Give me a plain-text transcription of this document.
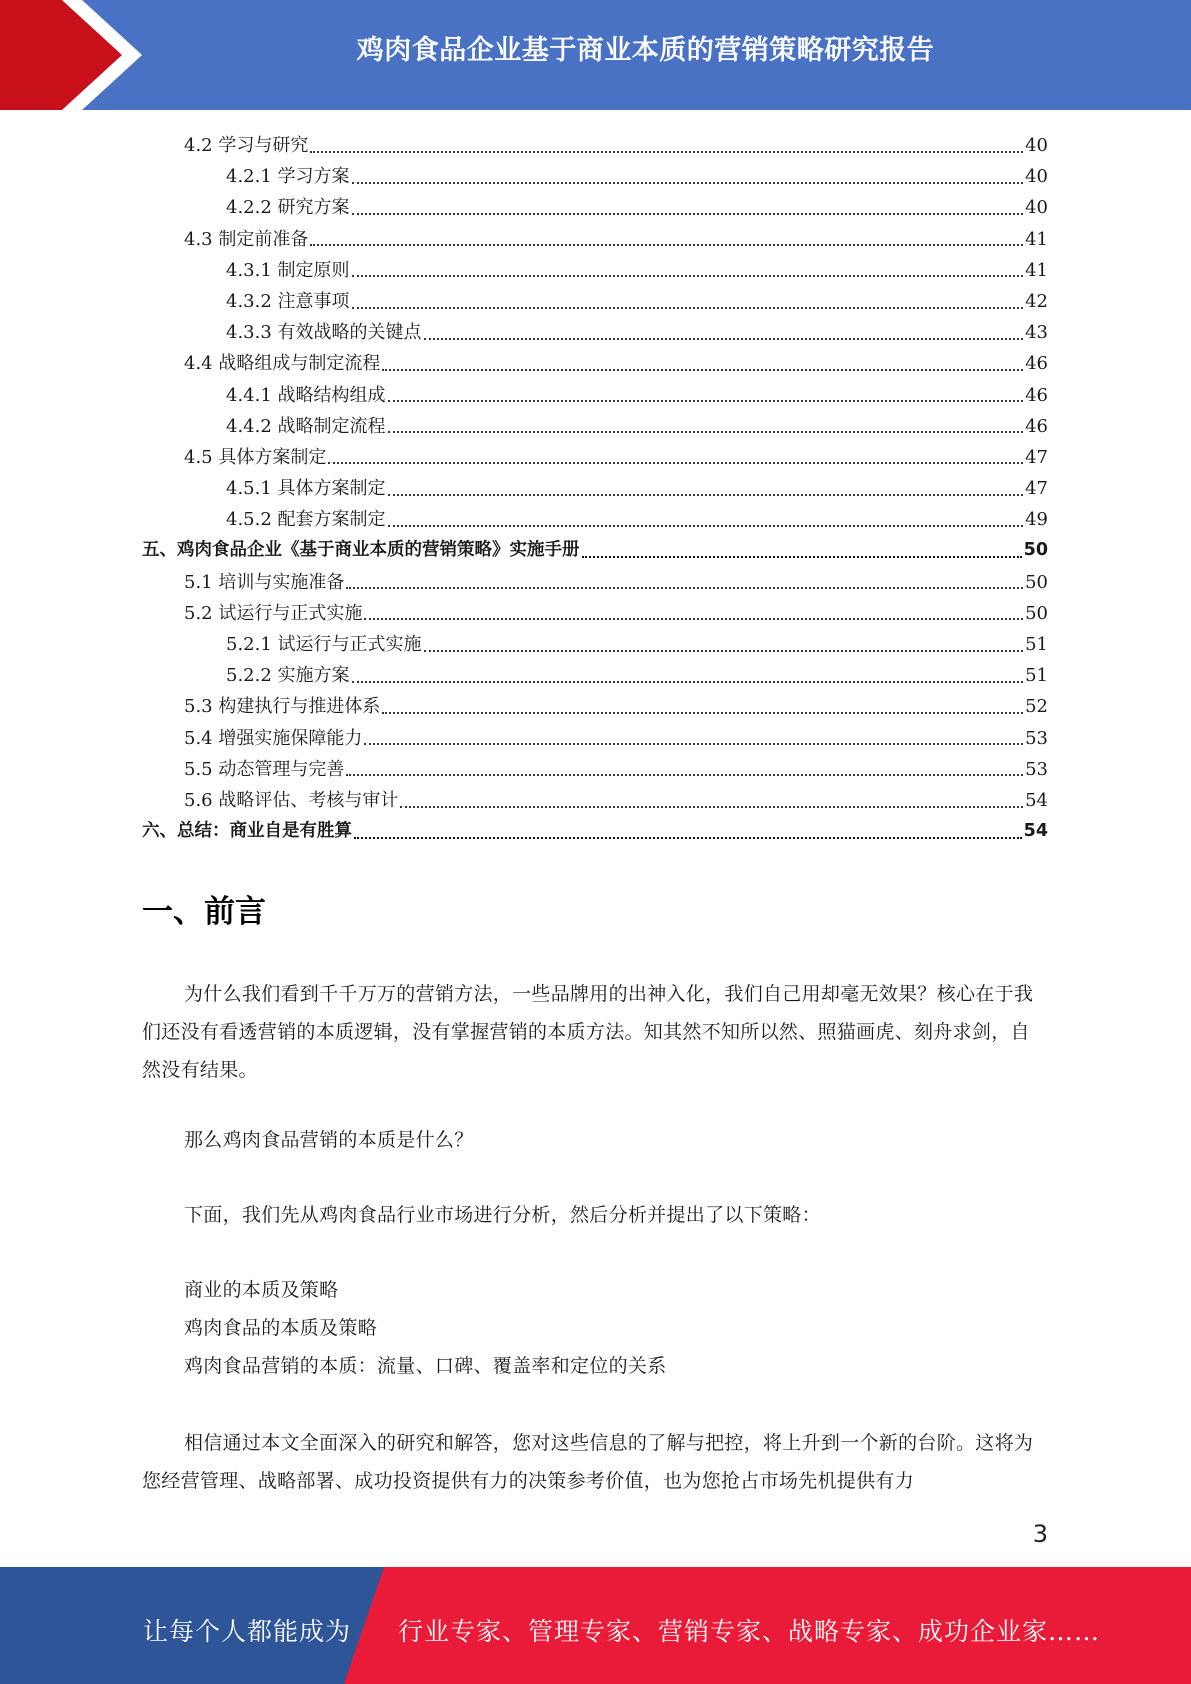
鸡肉食品企业基于商业本质的营销策略研究报告
4.2 学习与研究	40
4.2.1 学习方案	40
4.2.2 研究方案	40
4.3 制定前准备	41
4.3.1 制定原则	41
4.3.2 注意事项	42
4.3.3 有效战略的关键点	43
4.4 战略组成与制定流程	46
4.4.1 战略结构组成	46
4.4.2 战略制定流程	46
4.5 具体方案制定	47
4.5.1 具体方案制定	47
4.5.2 配套方案制定	49
五、鸡肉食品企业《基于商业本质的营销策略》实施手册	50
5.1 培训与实施准备	50
5.2 试运行与正式实施	50
5.2.1 试运行与正式实施	51
5.2.2 实施方案	51
5.3 构建执行与推进体系	52
5.4 增强实施保障能力	53
5.5 动态管理与完善	53
5.6 战略评估、考核与审计	54
六、总结：商业自是有胜算	54
一、前言

为什么我们看到千千万万的营销方法，一些品牌用的出神入化，我们自己用却毫无效果？核心在于我们还没有看透营销的本质逻辑，没有掌握营销的本质方法。知其然不知所以然、照猫画虎、刻舟求剑，自然没有结果。

那么鸡肉食品营销的本质是什么？

下面，我们先从鸡肉食品行业市场进行分析，然后分析并提出了以下策略：

商业的本质及策略

鸡肉食品的本质及策略

鸡肉食品营销的本质：流量、口碑、覆盖率和定位的关系

相信通过本文全面深入的研究和解答，您对这些信息的了解与把控，将上升到一个新的台阶。这将为您经营管理、战略部署、成功投资提供有力的决策参考价值，也为您抢占市场先机提供有力

3
让每个人都能成为 行业专家、管理专家、营销专家、战略专家、成功企业家……
